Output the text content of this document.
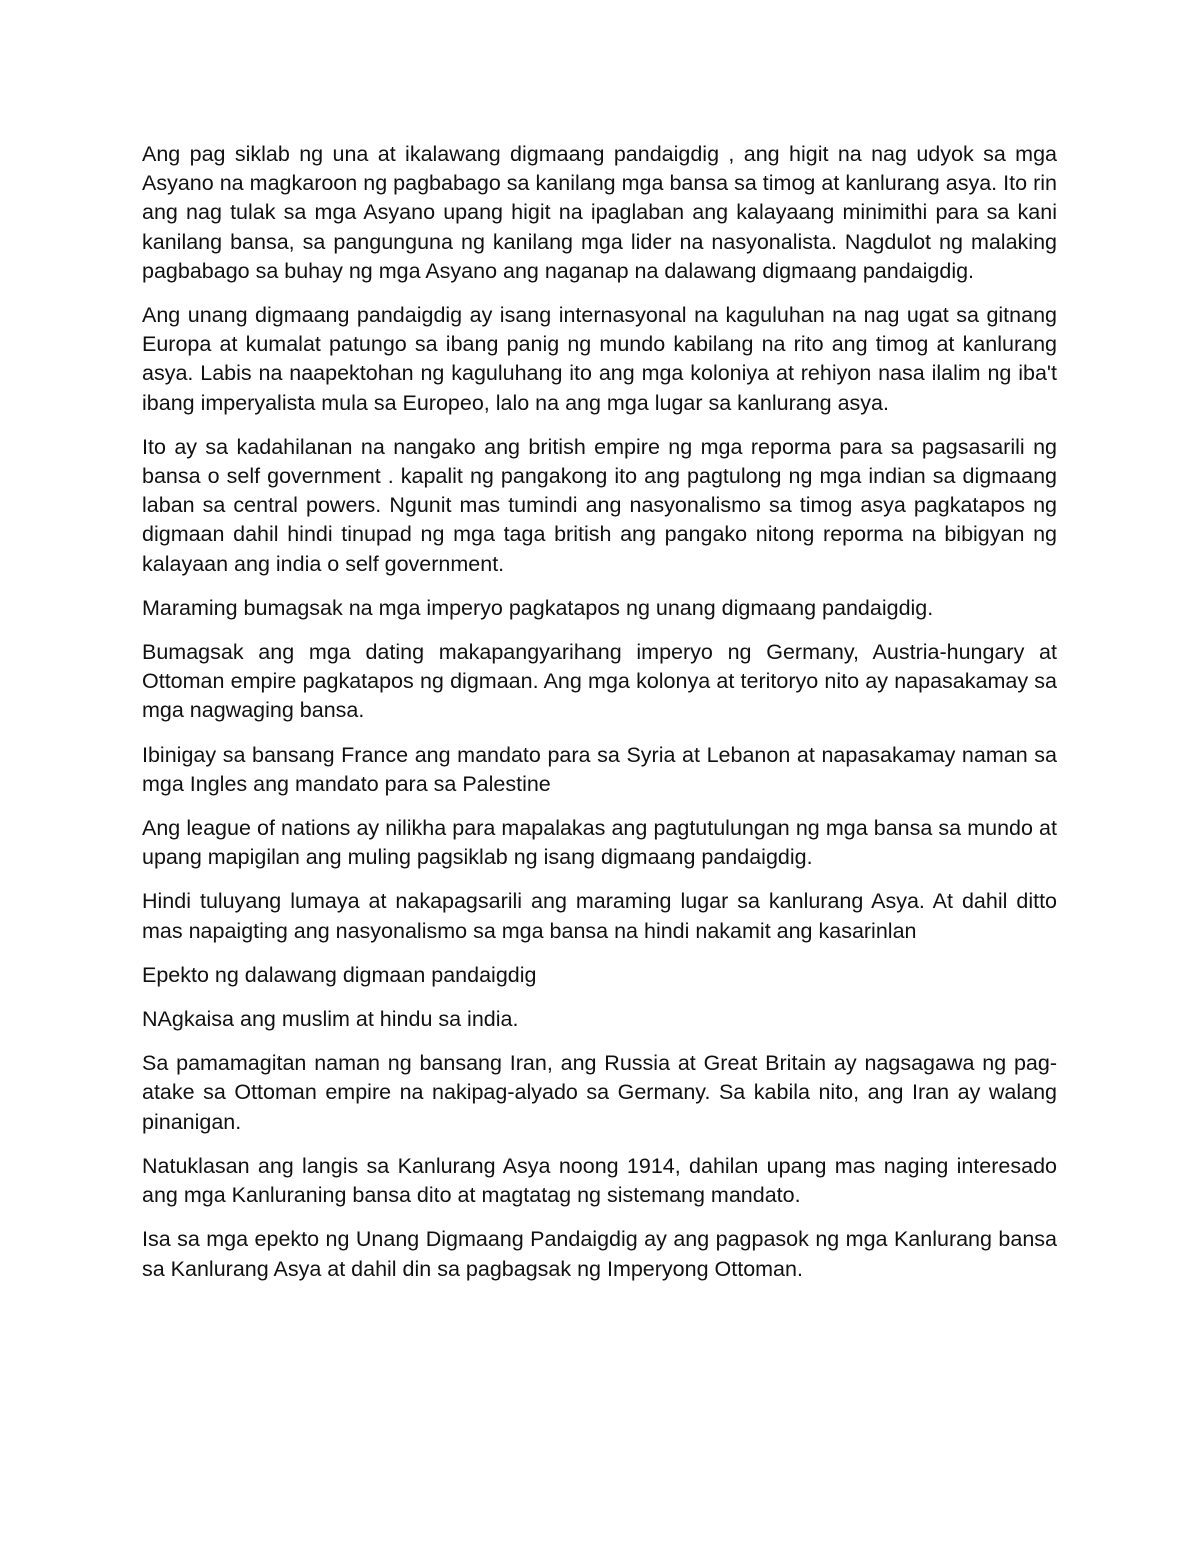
Ang pag siklab ng una at ikalawang digmaang pandaigdig , ang higit na nag udyok sa mga Asyano na magkaroon ng pagbabago sa kanilang mga bansa sa timog at kanlurang asya. Ito rin ang nag tulak sa mga Asyano upang higit na ipaglaban ang kalayaang minimithi para sa kani kanilang bansa, sa pangunguna ng kanilang mga lider na nasyonalista. Nagdulot ng malaking pagbabago sa buhay ng mga Asyano ang naganap na dalawang digmaang pandaigdig.

Ang unang digmaang pandaigdig ay isang internasyonal na kaguluhan na nag ugat sa gitnang Europa at kumalat patungo sa ibang panig ng mundo kabilang na rito ang timog at kanlurang asya. Labis na naapektohan ng kaguluhang ito ang mga koloniya at rehiyon nasa ilalim ng iba't ibang imperyalista mula sa Europeo, lalo na ang mga lugar sa kanlurang asya.

Ito ay sa kadahilanan na nangako ang british empire ng mga reporma para sa pagsasarili ng bansa o self government . kapalit ng pangakong ito ang pagtulong ng mga indian sa digmaang laban sa central powers. Ngunit mas tumindi ang nasyonalismo sa timog asya pagkatapos ng digmaan dahil hindi tinupad ng mga taga british ang pangako nitong reporma na bibigyan ng kalayaan ang india o self government.

Maraming bumagsak na mga imperyo pagkatapos ng unang digmaang pandaigdig.

Bumagsak ang mga dating makapangyarihang imperyo ng Germany, Austria-hungary at Ottoman empire pagkatapos ng digmaan. Ang mga kolonya at teritoryo nito ay napasakamay sa mga nagwaging bansa.

Ibinigay sa bansang France ang mandato para sa Syria at Lebanon at napasakamay naman sa mga Ingles ang mandato para sa Palestine

Ang league of nations ay nilikha para mapalakas ang pagtutulungan ng mga bansa sa mundo at upang mapigilan ang muling pagsiklab ng isang digmaang pandaigdig.

Hindi tuluyang lumaya at nakapagsarili ang maraming lugar sa kanlurang Asya. At dahil ditto mas napaigting ang nasyonalismo sa mga bansa na hindi nakamit ang kasarinlan

Epekto ng dalawang digmaan pandaigdig

NAgkaisa ang muslim at hindu sa india.

Sa pamamagitan naman ng bansang Iran, ang Russia at Great Britain ay nagsagawa ng pag-atake sa Ottoman empire na nakipag-alyado sa Germany. Sa kabila nito, ang Iran ay walang pinanigan.

Natuklasan ang langis sa Kanlurang Asya noong 1914, dahilan upang mas naging interesado ang mga Kanluraning bansa dito at magtatag ng sistemang mandato.

Isa sa mga epekto ng Unang Digmaang Pandaigdig ay ang pagpasok ng mga Kanlurang bansa sa Kanlurang Asya at dahil din sa pagbagsak ng Imperyong Ottoman.
